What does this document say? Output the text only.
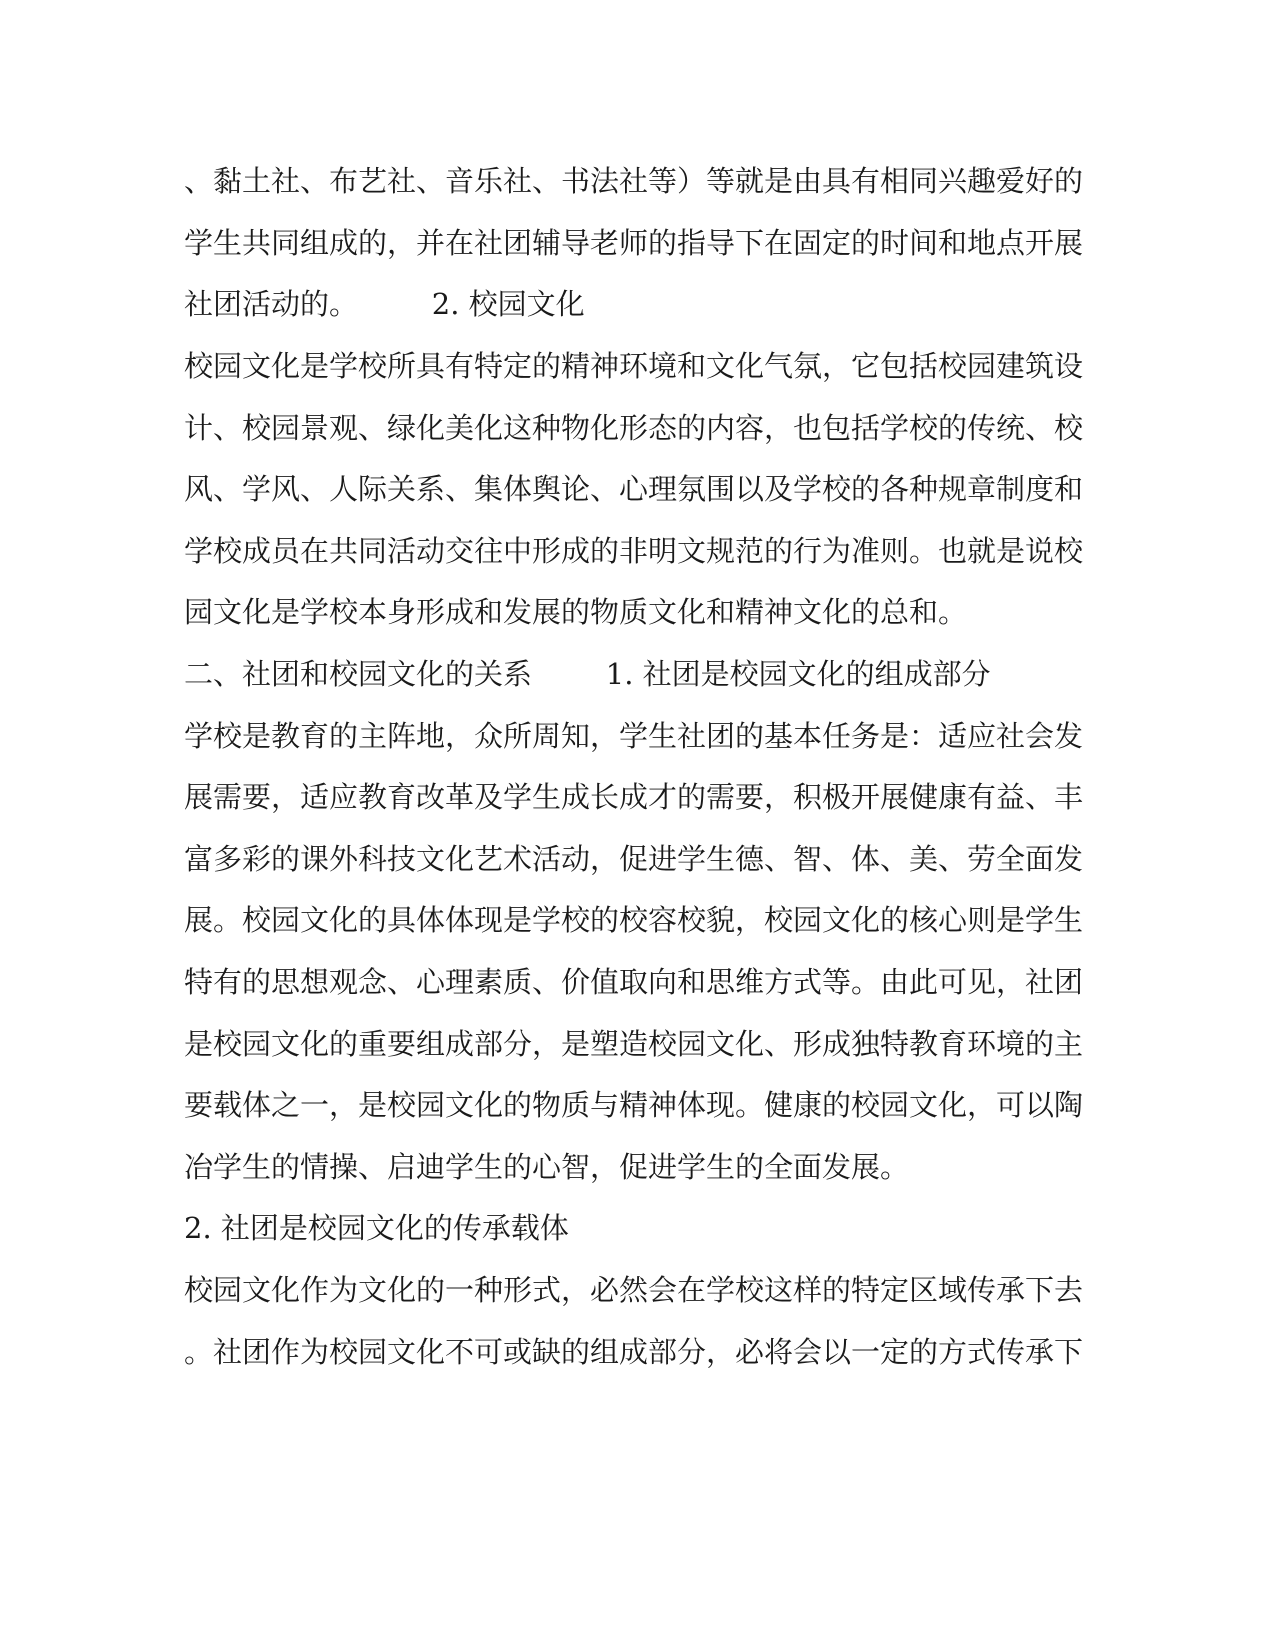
、黏土社、布艺社、音乐社、书法社等）等就是由具有相同兴趣爱好的
学生共同组成的，并在社团辅导老师的指导下在固定的时间和地点开展
社团活动的。        2. 校园文化
校园文化是学校所具有特定的精神环境和文化气氛，它包括校园建筑设
计、校园景观、绿化美化这种物化形态的内容，也包括学校的传统、校
风、学风、人际关系、集体舆论、心理氛围以及学校的各种规章制度和
学校成员在共同活动交往中形成的非明文规范的行为准则。也就是说校
园文化是学校本身形成和发展的物质文化和精神文化的总和。
二、社团和校园文化的关系        1. 社团是校园文化的组成部分
学校是教育的主阵地，众所周知，学生社团的基本任务是：适应社会发
展需要，适应教育改革及学生成长成才的需要，积极开展健康有益、丰
富多彩的课外科技文化艺术活动，促进学生德、智、体、美、劳全面发
展。校园文化的具体体现是学校的校容校貌，校园文化的核心则是学生
特有的思想观念、心理素质、价值取向和思维方式等。由此可见，社团
是校园文化的重要组成部分，是塑造校园文化、形成独特教育环境的主
要载体之一，是校园文化的物质与精神体现。健康的校园文化，可以陶
冶学生的情操、启迪学生的心智，促进学生的全面发展。
2. 社团是校园文化的传承载体
校园文化作为文化的一种形式，必然会在学校这样的特定区域传承下去
。社团作为校园文化不可或缺的组成部分，必将会以一定的方式传承下
